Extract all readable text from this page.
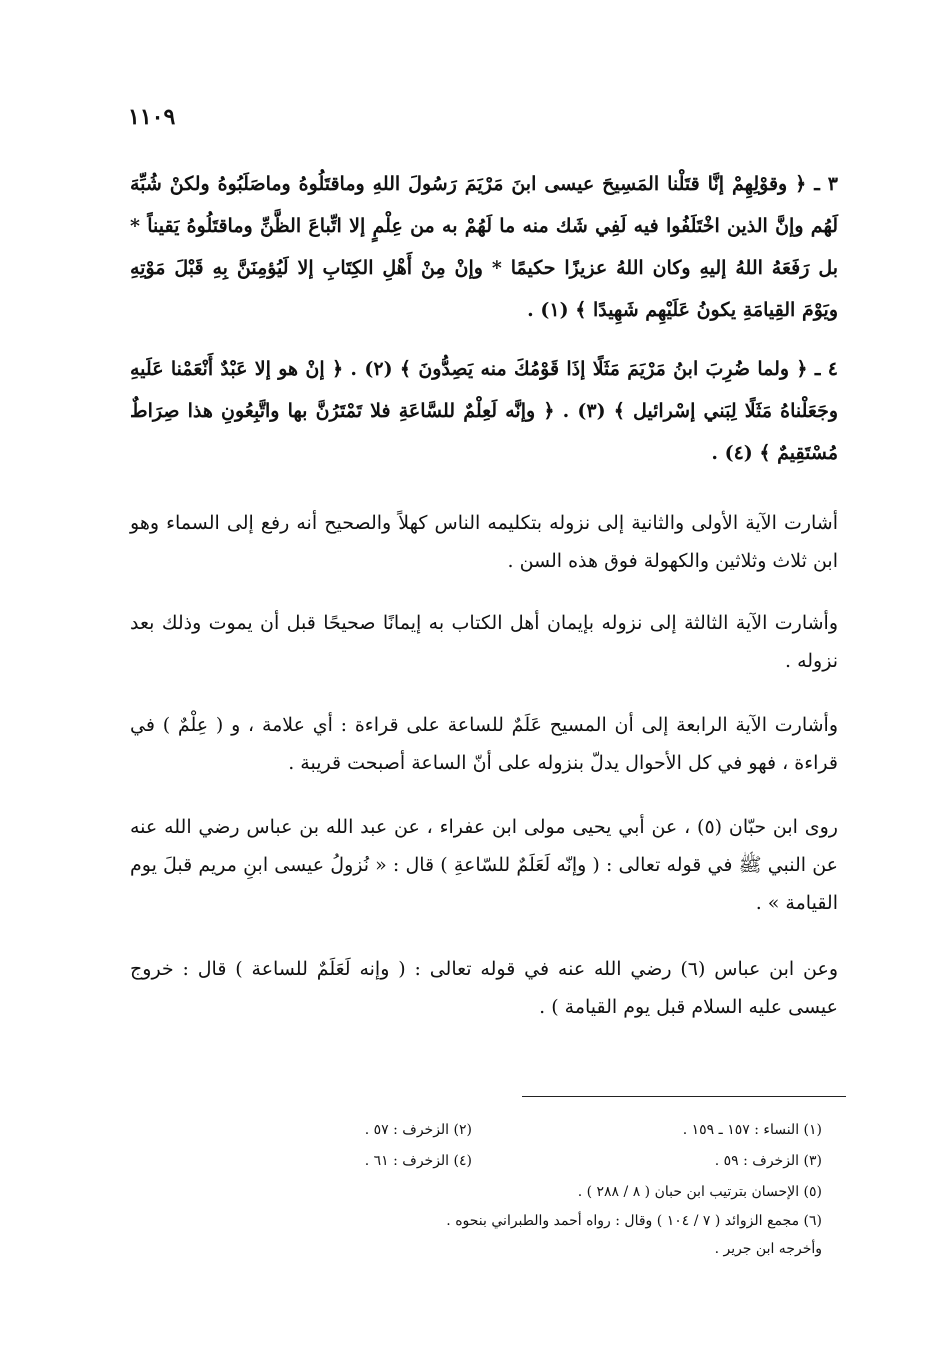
١١٠٩
٣ ـ ﴿ وقوْلِهِمْ إنَّا قتَلْنا المَسِيحَ عيسى ابنَ مَرْيَمَ رَسُولَ اللهِ وماقتَلُوهُ وماصَلَبُوهُ ولكنْ شُبِّهَ لَهُم وإنَّ الذين اخْتَلَفُوا فيه لَفِي شَك منه ما لَهُمْ به من عِلْمٍ إلا اتِّباعَ الظَّنِّ وماقتَلُوهُ يَقيناً * بل رَفَعَهُ اللهُ إليهِ وكان اللهُ عزيزًا حكيمًا * وإنْ مِنْ أَهْلِ الكِتَابِ إلا لَيُؤمِنَنَّ بِهِ قَبْلَ مَوْتِهِ ويَوْمَ القِيامَةِ يكونُ عَلَيْهِم شَهِيدًا ﴾ (١) .
٤ ـ ﴿ ولما ضُرِبَ ابنُ مَرْيَمَ مَثَلًا إذَا قَوْمُكَ منه يَصِدُّونَ ﴾ (٢) . ﴿ إنْ هو إلا عَبْدٌ أَنْعَمْنا عَلَيهِ وجَعَلْناهُ مَثَلًا لِبَني إسْرائيل ﴾ (٣) . ﴿ وإنَّه لَعِلْمٌ للسَّاعَةِ فلا تَمْتَرُنَّ بها واتَّبِعُونِ هذا صِرَاطٌ مُسْتَقِيمٌ ﴾ (٤) .
أشارت الآية الأولى والثانية إلى نزوله بتكليمه الناس كهلاً والصحيح أنه رفع إلى السماء وهو ابن ثلاث وثلاثين والكهولة فوق هذه السن .
وأشارت الآية الثالثة إلى نزوله بإيمان أهل الكتاب به إيمانًا صحيحًا قبل أن يموت وذلك بعد نزوله .
وأشارت الآية الرابعة إلى أن المسيح عَلَمٌ للساعة على قراءة : أي علامة ، و ( عِلْمٌ ) في قراءة ، فهو في كل الأحوال يدلّ بنزوله على أنّ الساعة أصبحت قريبة .
روى ابن حبّان (٥) ، عن أبي يحيى مولى ابن عفراء ، عن عبد الله بن عباس رضي الله عنه عن النبي ﷺ في قوله تعالى : ( وإنّه لَعَلَمٌ للسّاعةِ ) قال : « نُزولُ عيسى ابنِ مريم قبلَ يوم القيامة » .
وعن ابن عباس (٦) رضي الله عنه في قوله تعالى : ( وإنه لَعَلَمٌ للساعة ) قال : خروج عيسى عليه السلام قبل يوم القيامة ) .
(١) النساء : ١٥٧ ـ ١٥٩ .
(٢) الزخرف : ٥٧ .
(٣) الزخرف : ٥٩ .
(٤) الزخرف : ٦١ .
(٥) الإحسان بترتيب ابن حبان ( ٨ / ٢٨٨ ) .
(٦) مجمع الزوائد ( ٧ / ١٠٤ ) وقال : رواه أحمد والطبراني بنحوه .
وأخرجه ابن جرير .
